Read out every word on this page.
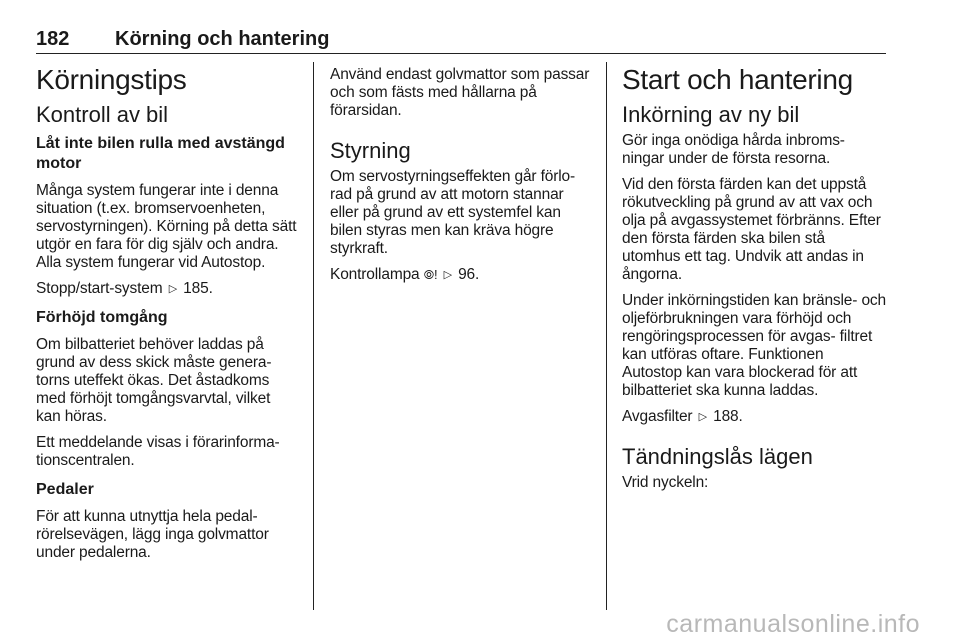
182 Körning och hantering
Körningstips
Kontroll av bil
Låt inte bilen rulla med avstängd motor

Många system fungerar inte i denna situation (t.ex. bromservoenheten, servostyrningen). Körning på detta sätt utgör en fara för dig själv och andra. Alla system fungerar vid Autostop.

Stopp/start-system ▷ 185.

Förhöjd tomgång

Om bilbatteriet behöver laddas på grund av dess skick måste genera- torns uteffekt ökas. Det åstadkoms med förhöjt tomgångsvarvtal, vilket kan höras.

Ett meddelande visas i förarinforma- tionscentralen.

Pedaler

För att kunna utnyttja hela pedal- rörelsevägen, lägg inga golvmattor under pedalerna.

Använd endast golvmattor som passar och som fästs med hållarna på förarsidan.

Styrning

Om servostyrningseffekten går förlo- rad på grund av att motorn stannar eller på grund av ett systemfel kan bilen styras men kan kräva högre styrkraft.

Kontrollampa ⦾! ▷ 96.

Start och hantering
Inkörning av ny bil

Gör inga onödiga hårda inbroms- ningar under de första resorna.

Vid den första färden kan det uppstå rökutveckling på grund av att vax och olja på avgassystemet förbränns. Efter den första färden ska bilen stå utomhus ett tag. Undvik att andas in ångorna.

Under inkörningstiden kan bränsle- och oljeförbrukningen vara förhöjd och rengöringsprocessen för avgas- filtret kan utföras oftare. Funktionen Autostop kan vara blockerad för att bilbatteriet ska kunna laddas.

Avgasfilter ▷ 188.

Tändningslås lägen

Vrid nyckeln:

carmanualsonline.info
